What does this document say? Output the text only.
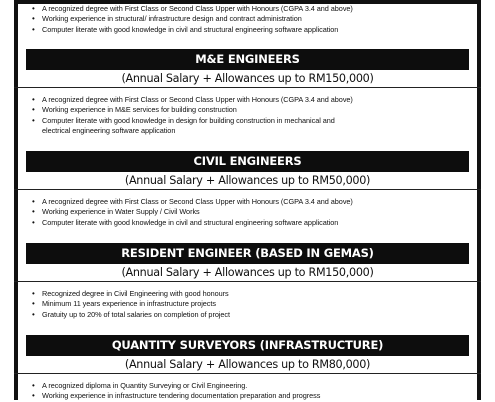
• A recognized degree with First Class or Second Class Upper with Honours (CGPA 3.4 and above)
• Working experience in structural/ infrastructure design and contract administration
• Computer literate with good knowledge in civil and structural engineering software application
M&E ENGINEERS
(Annual Salary + Allowances up to RM150,000)
• A recognized degree with First Class or Second Class Upper with Honours (CGPA 3.4 and above)
• Working experience in M&E services for building construction
• Computer literate with good knowledge in design for building construction in mechanical and
electrical engineering software application
CIVIL ENGINEERS
(Annual Salary + Allowances up to RM50,000)
• A recognized degree with First Class or Second Class Upper with Honours (CGPA 3.4 and above)
• Working experience in Water Supply / Civil Works
• Computer literate with good knowledge in civil and structural engineering software application
RESIDENT ENGINEER (BASED IN GEMAS)
(Annual Salary + Allowances up to RM150,000)
• Recognized degree in Civil Engineering with good honours
• Minimum 11 years experience in infrastructure projects
• Gratuity up to 20% of total salaries on completion of project
QUANTITY SURVEYORS (INFRASTRUCTURE)
(Annual Salary + Allowances up to RM80,000)
• A recognized diploma in Quantity Surveying or Civil Engineering.
• Working experience in infrastructure tendering documentation preparation and progress
